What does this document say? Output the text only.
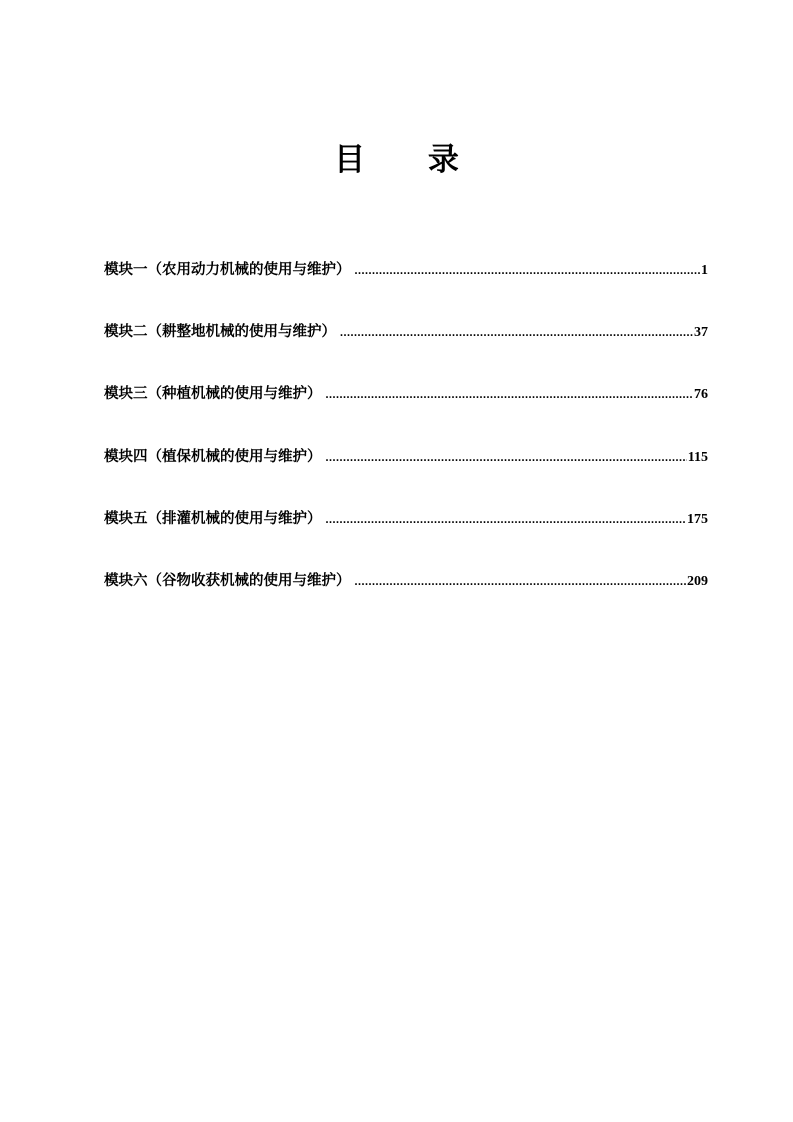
目 录
模块一（农用动力机械的使用与维护） .....	1
模块二（耕整地机械的使用与维护） .....	37
模块三（种植机械的使用与维护） .....	76
模块四（植保机械的使用与维护） .....	115
模块五（排灌机械的使用与维护） .....	175
模块六（谷物收获机械的使用与维护） .....	209
